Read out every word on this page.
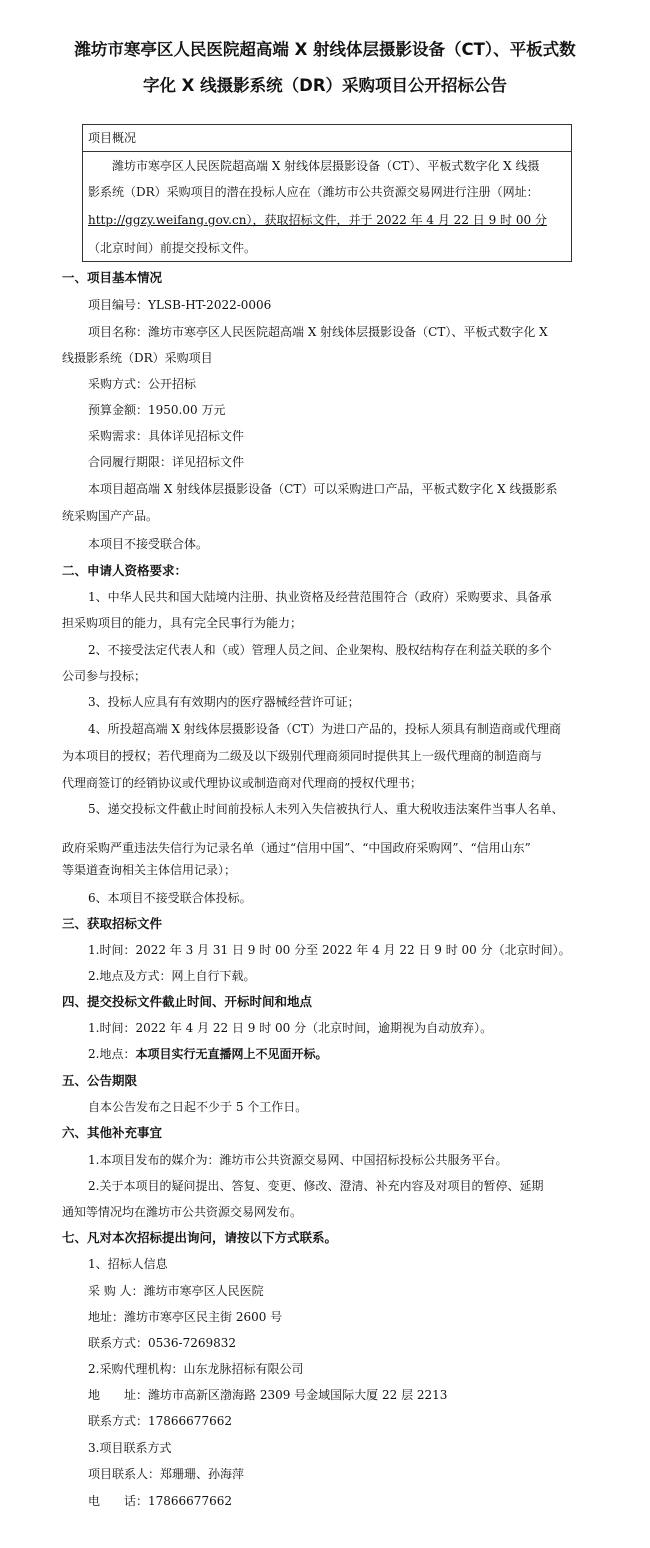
潍坊市寒亭区人民医院超高端 X 射线体层摄影设备（CT）、平板式数
字化 X 线摄影系统（DR）采购项目公开招标公告
项目概况
潍坊市寒亭区人民医院超高端 X 射线体层摄影设备（CT）、平板式数字化 X 线摄
影系统（DR）采购项目的潜在投标人应在（潍坊市公共资源交易网进行注册（网址：
http://ggzy.weifang.gov.cn），获取招标文件，并于 2022 年 4 月 22 日 9 时 00 分
（北京时间）前提交投标文件。
一、项目基本情况
项目编号：YLSB-HT-2022-0006
项目名称：潍坊市寒亭区人民医院超高端 X 射线体层摄影设备（CT）、平板式数字化 X
线摄影系统（DR）采购项目
采购方式：公开招标
预算金额：1950.00 万元
采购需求：具体详见招标文件
合同履行期限：详见招标文件
本项目超高端 X 射线体层摄影设备（CT）可以采购进口产品，平板式数字化 X 线摄影系
统采购国产产品。
本项目不接受联合体。
二、申请人资格要求：
1、中华人民共和国大陆境内注册、执业资格及经营范围符合（政府）采购要求、具备承
担采购项目的能力，具有完全民事行为能力；
2、不接受法定代表人和（或）管理人员之间、企业架构、股权结构存在利益关联的多个
公司参与投标；
3、投标人应具有有效期内的医疗器械经营许可证；
4、所投超高端 X 射线体层摄影设备（CT）为进口产品的，投标人须具有制造商或代理商
为本项目的授权；若代理商为二级及以下级别代理商须同时提供其上一级代理商的制造商与
代理商签订的经销协议或代理协议或制造商对代理商的授权代理书；
5、递交投标文件截止时间前投标人未列入失信被执行人、重大税收违法案件当事人名单、
政府采购严重违法失信行为记录名单（通过“信用中国”、“中国政府采购网”、“信用山东”
等渠道查询相关主体信用记录）；
6、本项目不接受联合体投标。
三、获取招标文件
1.时间：2022 年 3 月 31 日 9 时 00 分至 2022 年 4 月 22 日 9 时 00 分（北京时间）。
2.地点及方式：网上自行下载。
四、提交投标文件截止时间、开标时间和地点
1.时间：2022 年 4 月 22 日 9 时 00 分（北京时间，逾期视为自动放弃）。
2.地点：本项目实行无直播网上不见面开标。
五、公告期限
自本公告发布之日起不少于 5 个工作日。
六、其他补充事宜
1.本项目发布的媒介为：潍坊市公共资源交易网、中国招标投标公共服务平台。
2.关于本项目的疑问提出、答复、变更、修改、澄清、补充内容及对项目的暂停、延期
通知等情况均在潍坊市公共资源交易网发布。
七、凡对本次招标提出询问，请按以下方式联系。
1、招标人信息
采 购 人：潍坊市寒亭区人民医院
地址：潍坊市寒亭区民主街 2600 号
联系方式：0536-7269832
2.采购代理机构：山东龙脉招标有限公司
地　　址：潍坊市高新区渤海路 2309 号金域国际大厦 22 层 2213
联系方式：17866677662
3.项目联系方式
项目联系人：郑珊珊、孙海萍
电　　话：17866677662
